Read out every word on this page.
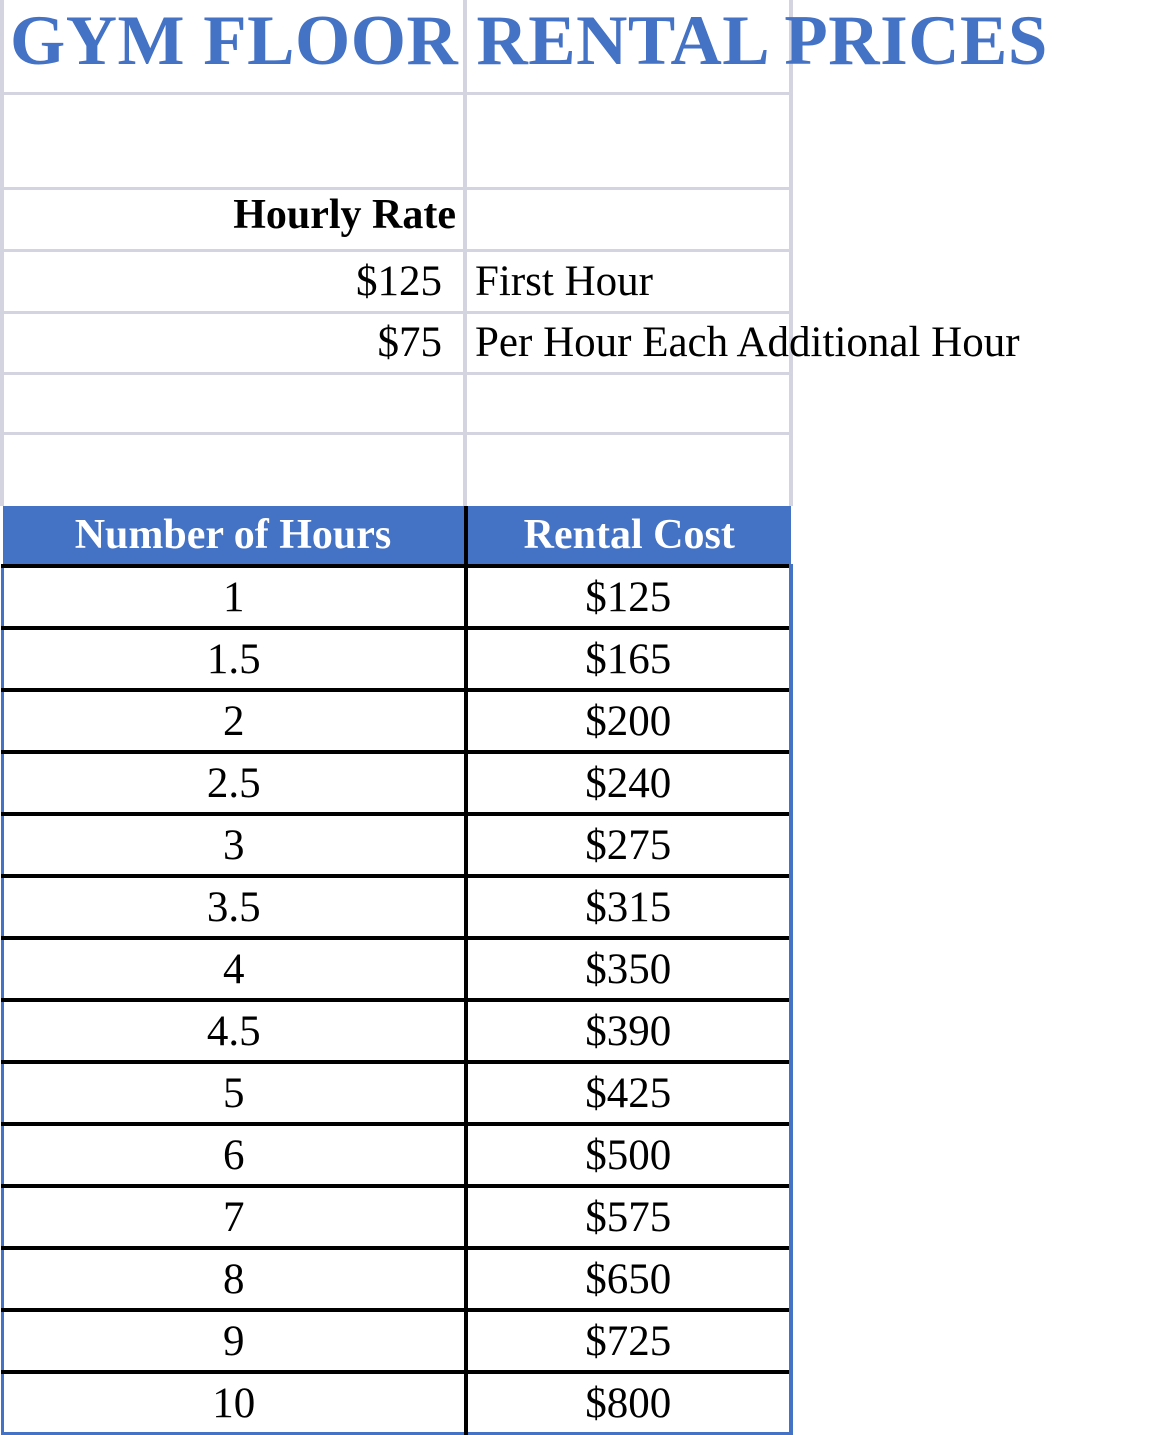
GYM FLOOR RENTAL PRICES
Hourly Rate
$125 First Hour
$75 Per Hour Each Additional Hour
Number of Hours	Rental Cost
1	$125
1.5	$165
2	$200
2.5	$240
3	$275
3.5	$315
4	$350
4.5	$390
5	$425
6	$500
7	$575
8	$650
9	$725
10	$800
